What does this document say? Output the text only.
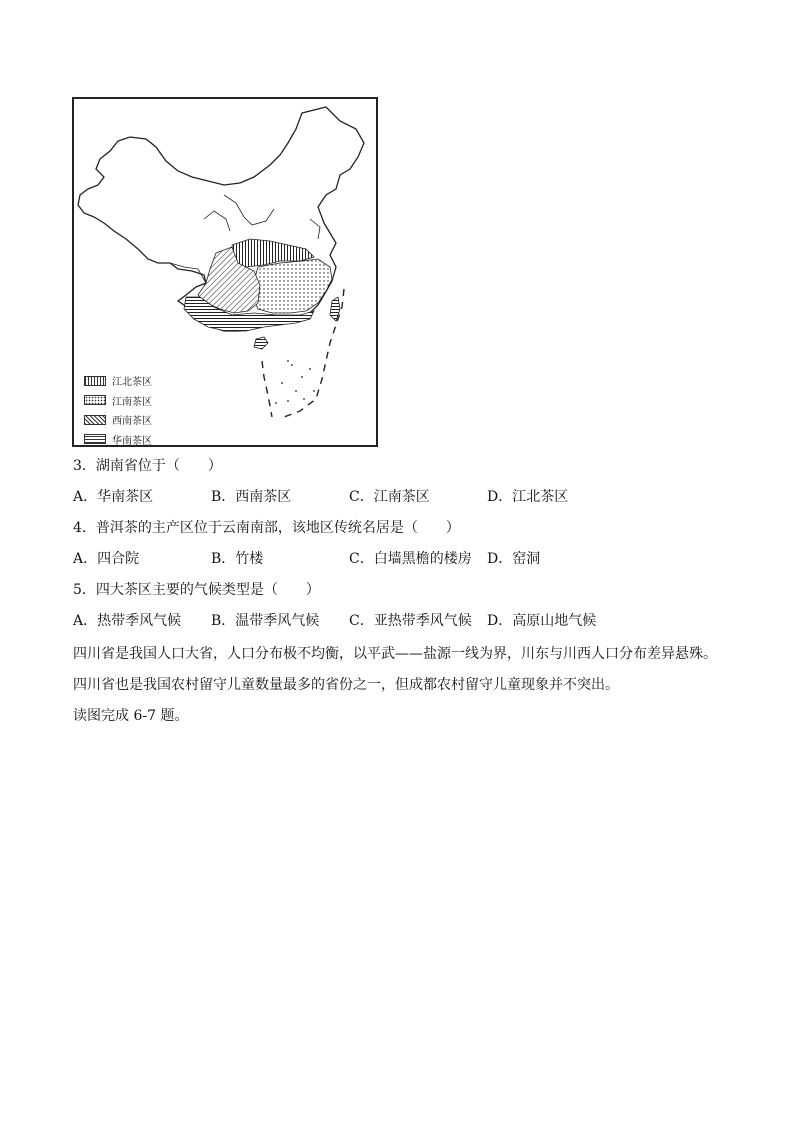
江北茶区
江南茶区
西南茶区
华南茶区
3．湖南省位于（　　）
A．华南茶区	B．西南茶区	C．江南茶区	D．江北茶区
4．普洱茶的主产区位于云南南部，该地区传统名居是（　　）
A．四合院	B．竹楼	C．白墙黑檐的楼房 D．窑洞
5．四大茶区主要的气候类型是（　　）
A．热带季风气候 B．温带季风气候 C．亚热带季风气候 D．高原山地气候
四川省是我国人口大省，人口分布极不均衡，以平武——盐源一线为界，川东与川西人口分布差异悬殊。
四川省也是我国农村留守儿童数量最多的省份之一，但成都农村留守儿童现象并不突出。
读图完成 6-7 题。
